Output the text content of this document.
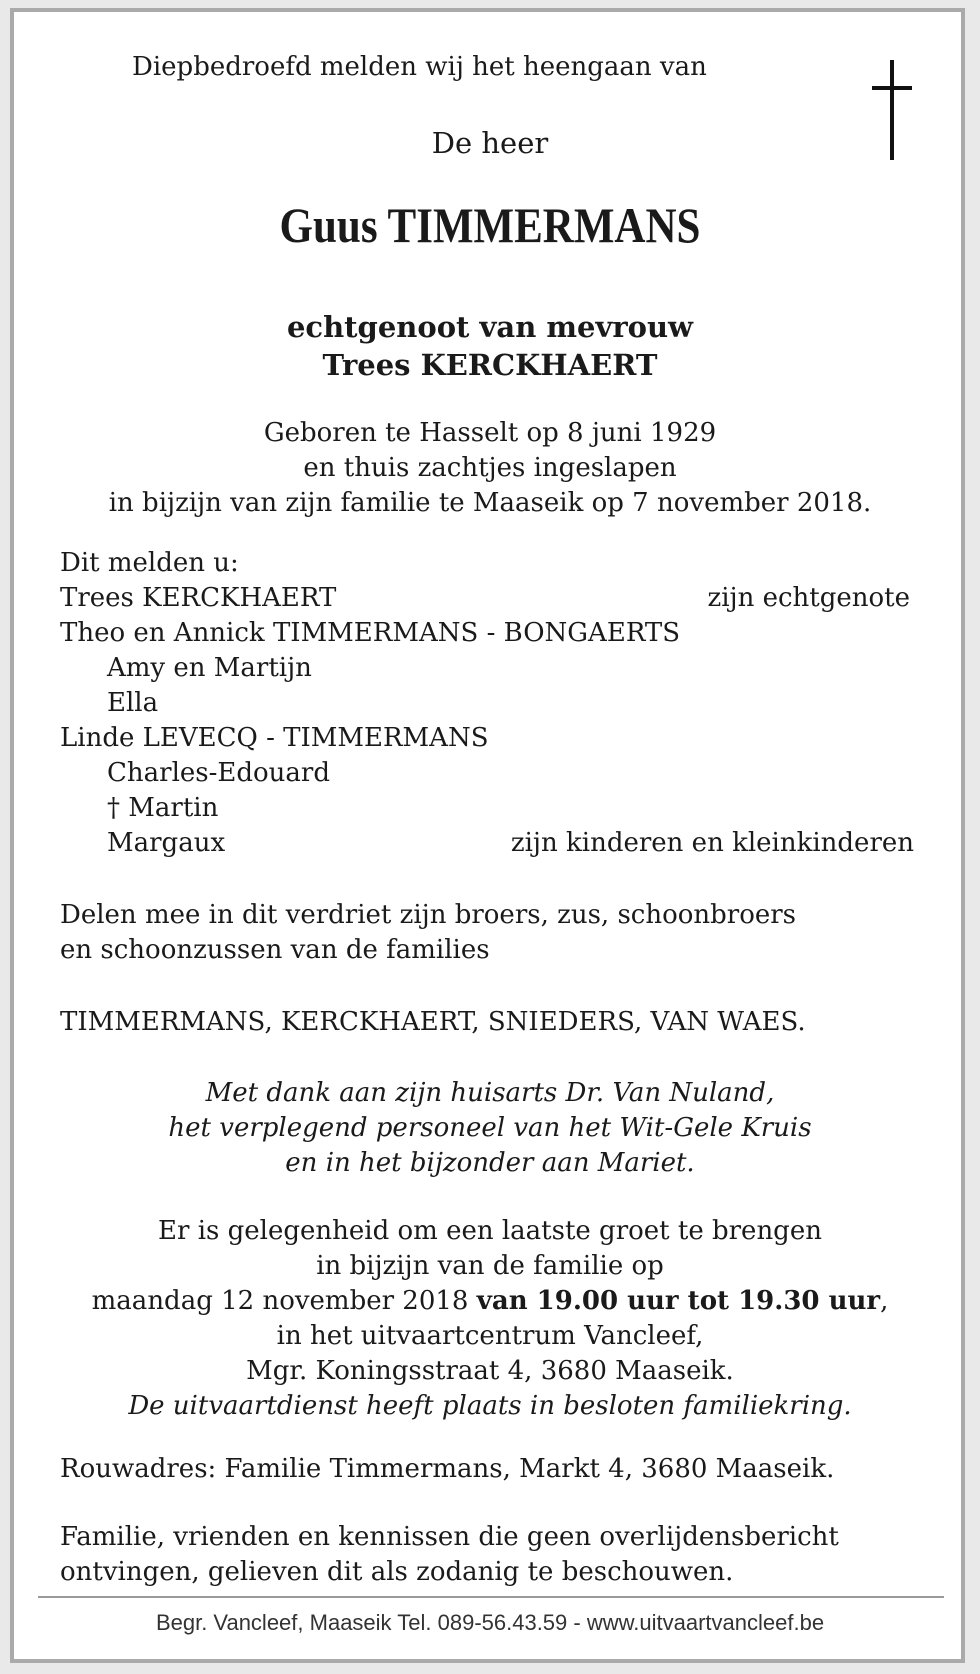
Diepbedroefd melden wij het heengaan van
De heer
Guus TIMMERMANS
echtgenoot van mevrouw
Trees KERCKHAERT
Geboren te Hasselt op 8 juni 1929
en thuis zachtjes ingeslapen
in bijzijn van zijn familie te Maaseik op 7 november 2018.
Dit melden u:
Trees KERCKHAERT	zijn echtgenote
Theo en Annick TIMMERMANS - BONGAERTS
Amy en Martijn
Ella
Linde LEVECQ - TIMMERMANS
Charles-Edouard
† Martin
Margaux	zijn kinderen en kleinkinderen
Delen mee in dit verdriet zijn broers, zus, schoonbroers
en schoonzussen van de families
TIMMERMANS, KERCKHAERT, SNIEDERS, VAN WAES.
Met dank aan zijn huisarts Dr. Van Nuland,
het verplegend personeel van het Wit-Gele Kruis
en in het bijzonder aan Mariet.
Er is gelegenheid om een laatste groet te brengen
in bijzijn van de familie op
maandag 12 november 2018 van 19.00 uur tot 19.30 uur,
in het uitvaartcentrum Vancleef,
Mgr. Koningsstraat 4, 3680 Maaseik.
De uitvaartdienst heeft plaats in besloten familiekring.
Rouwadres: Familie Timmermans, Markt 4, 3680 Maaseik.
Familie, vrienden en kennissen die geen overlijdensbericht
ontvingen, gelieven dit als zodanig te beschouwen.
Begr. Vancleef, Maaseik Tel. 089-56.43.59 - www.uitvaartvancleef.be
